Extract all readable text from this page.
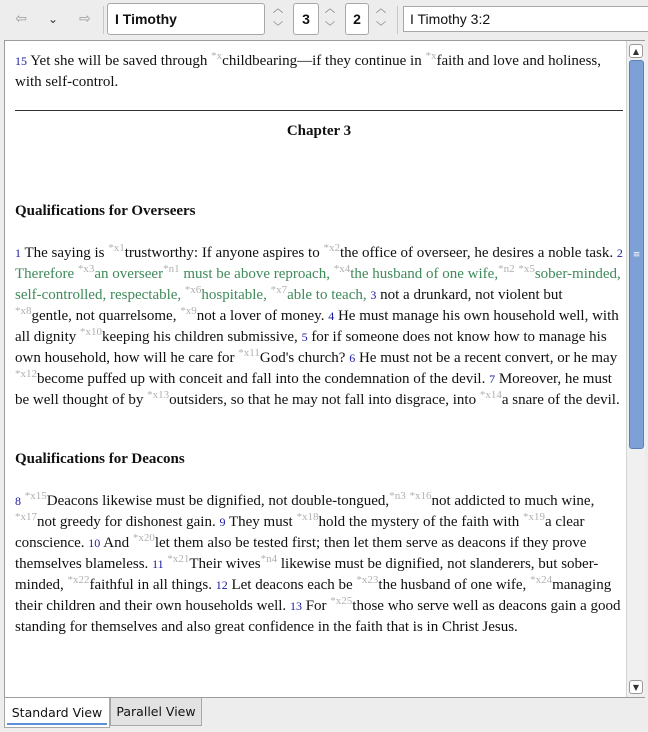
⇦ ⌄ ⇨	I Timothy
︿
﹀
3
︿
﹀
2
︿
﹀
I Timothy 3:2

15 Yet she will be saved through $^{*x}$childbearing—if they continue in $^{*x}$faith and love and holiness, with self-control.

Chapter 3

Qualifications for Overseers

1 The saying is $^{*x1}$trustworthy: If anyone aspires to $^{*x2}$the office of overseer, he desires a noble task. 2 Therefore $^{*x3}$an overseer$^{*n1}$ must be above reproach, $^{*x4}$the husband of one wife,$^{*n2}$ $^{*x5}$sober-minded, self-controlled, respectable, $^{*x6}$hospitable, $^{*x7}$able to teach, 3 not a drunkard, not violent but $^{*x8}$gentle, not quarrelsome, $^{*x9}$not a lover of money. 4 He must manage his own household well, with all dignity $^{*x10}$keeping his children submissive, 5 for if someone does not know how to manage his own household, how will he care for $^{*x11}$God's church? 6 He must not be a recent convert, or he may $^{*x12}$become puffed up with conceit and fall into the condemnation of the devil. 7 Moreover, he must be well thought of by $^{*x13}$outsiders, so that he may not fall into disgrace, into $^{*x14}$a snare of the devil.

Qualifications for Deacons

8 $^{*x15}$Deacons likewise must be dignified, not double-tongued,$^{*n3}$ $^{*x16}$not addicted to much wine, $^{*x17}$not greedy for dishonest gain. 9 They must $^{*x18}$hold the mystery of the faith with $^{*x19}$a clear conscience. 10 And $^{*x20}$let them also be tested first; then let them serve as deacons if they prove themselves blameless. 11 $^{*x21}$Their wives$^{*n4}$ likewise must be dignified, not slanderers, but sober-minded, $^{*x22}$faithful in all things. 12 Let deacons each be $^{*x23}$the husband of one wife, $^{*x24}$managing their children and their own households well. 13 For $^{*x25}$those who serve well as deacons gain a good standing for themselves and also great confidence in the faith that is in Christ Jesus.

▲
≡
▼
Standard View	Parallel View
